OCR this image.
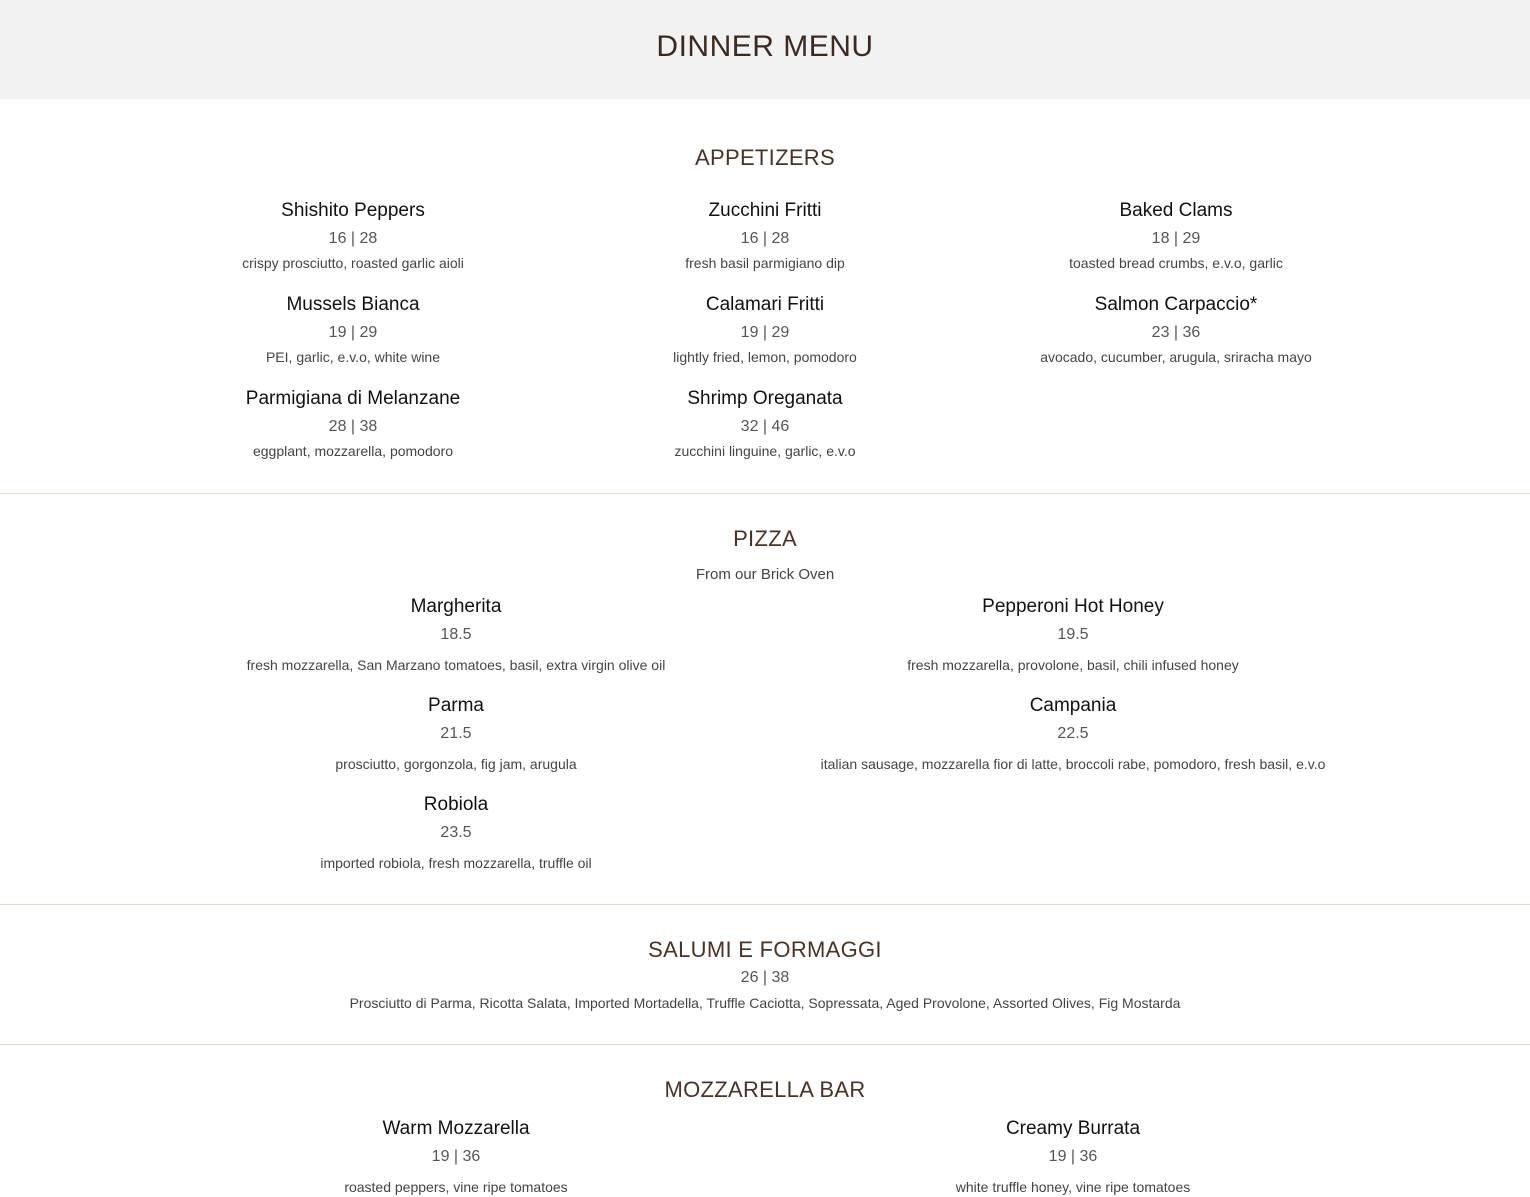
DINNER MENU
APPETIZERS
Shishito Peppers
16 | 28
crispy prosciutto, roasted garlic aioli
Zucchini Fritti
16 | 28
fresh basil parmigiano dip
Baked Clams
18 | 29
toasted bread crumbs, e.v.o, garlic
Mussels Bianca
19 | 29
PEI, garlic, e.v.o, white wine
Calamari Fritti
19 | 29
lightly fried, lemon, pomodoro
Salmon Carpaccio*
23 | 36
avocado, cucumber, arugula, sriracha mayo
Parmigiana di Melanzane
28 | 38
eggplant, mozzarella, pomodoro
Shrimp Oreganata
32 | 46
zucchini linguine, garlic, e.v.o
PIZZA
From our Brick Oven
Margherita
18.5
fresh mozzarella, San Marzano tomatoes, basil, extra virgin olive oil
Pepperoni Hot Honey
19.5
fresh mozzarella, provolone, basil, chili infused honey
Parma
21.5
prosciutto, gorgonzola, fig jam, arugula
Campania
22.5
italian sausage, mozzarella fior di latte, broccoli rabe, pomodoro, fresh basil, e.v.o
Robiola
23.5
imported robiola, fresh mozzarella, truffle oil
SALUMI E FORMAGGI
26 | 38
Prosciutto di Parma, Ricotta Salata, Imported Mortadella, Truffle Caciotta, Sopressata, Aged Provolone, Assorted Olives, Fig Mostarda
MOZZARELLA BAR
Warm Mozzarella
19 | 36
roasted peppers, vine ripe tomatoes
Creamy Burrata
19 | 36
white truffle honey, vine ripe tomatoes
